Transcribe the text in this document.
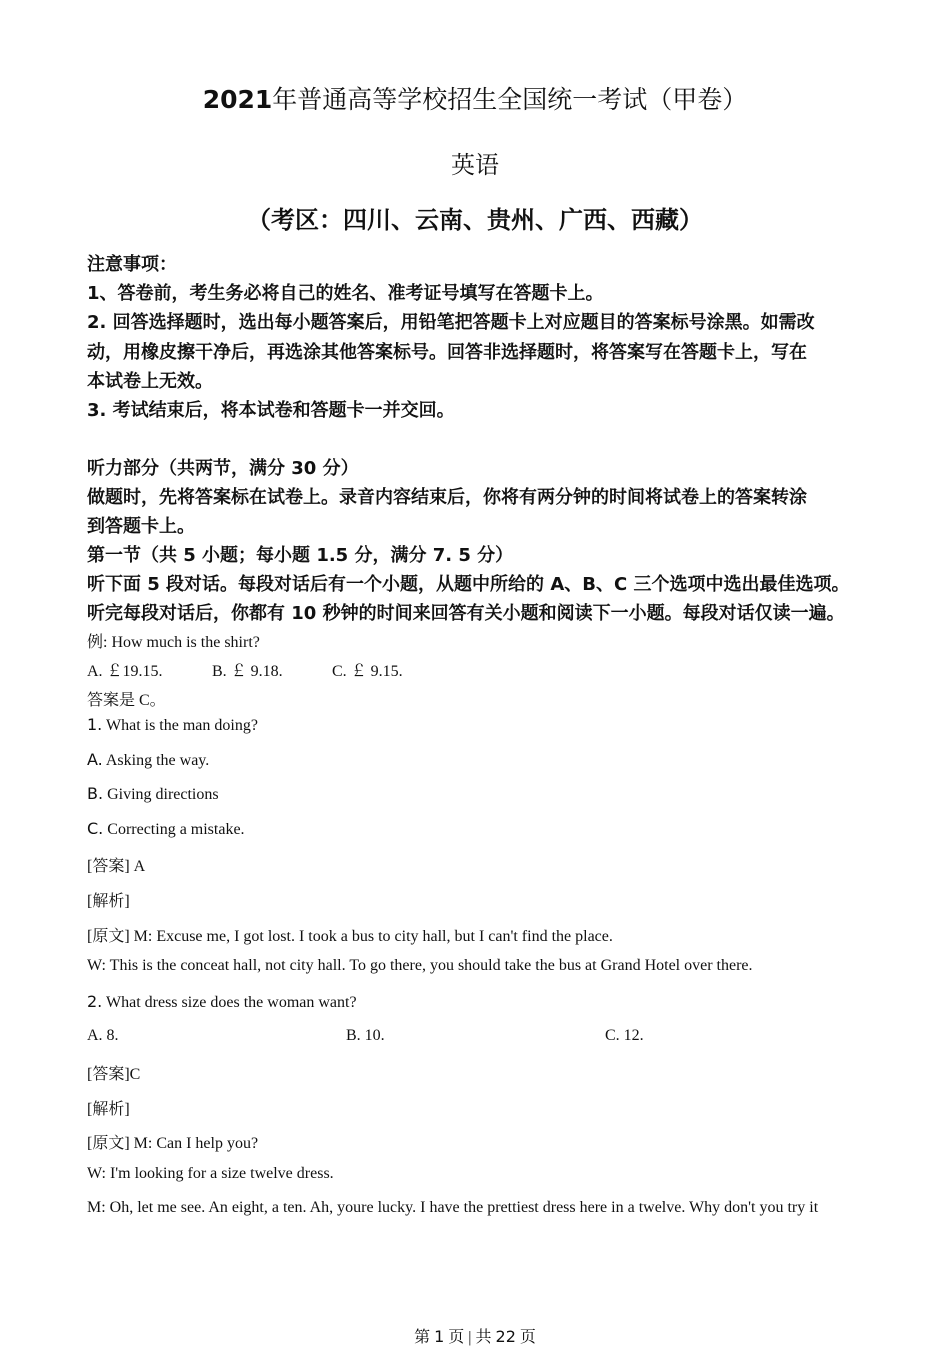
2021年普通高等学校招生全国统一考试（甲卷）
英语
（考区：四川、云南、贵州、广西、西藏）
注意事项：
1、答卷前，考生务必将自己的姓名、准考证号填写在答题卡上。
2. 回答选择题时，选出每小题答案后，用铅笔把答题卡上对应题目的答案标号涂黑。如需改
动，用橡皮擦干净后，再选涂其他答案标号。回答非选择题时，将答案写在答题卡上，写在
本试卷上无效。
3. 考试结束后，将本试卷和答题卡一并交回。
听力部分（共两节，满分 30 分）
做题时，先将答案标在试卷上。录音内容结束后，你将有两分钟的时间将试卷上的答案转涂
到答题卡上。
第一节（共 5 小题；每小题 1.5 分，满分 7. 5 分）
听下面 5 段对话。每段对话后有一个小题，从题中所给的 A、B、C 三个选项中选出最佳选项。
听完每段对话后，你都有 10 秒钟的时间来回答有关小题和阅读下一小题。每段对话仅读一遍。
例: How much is the shirt?
A. ￡19.15.	B. ￡ 9.18.	C. ￡ 9.15.
答案是 C。
1. What is the man doing?
A. Asking the way.
B. Giving directions
C. Correcting a mistake.
[答案] A
[解析]
[原文] M: Excuse me, I got lost. I took a bus to city hall, but I can't find the place.
W: This is the conceat hall, not city hall. To go there, you should take the bus at Grand Hotel over there.
2. What dress size does the woman want?
A. 8.	B. 10.	C. 12.
[答案]C
[解析]
[原文] M: Can I help you?
W: I'm looking for a size twelve dress.
M: Oh, let me see. An eight, a ten. Ah, youre lucky. I have the prettiest dress here in a twelve. Why don't you try it
第 1 页 | 共 22 页
